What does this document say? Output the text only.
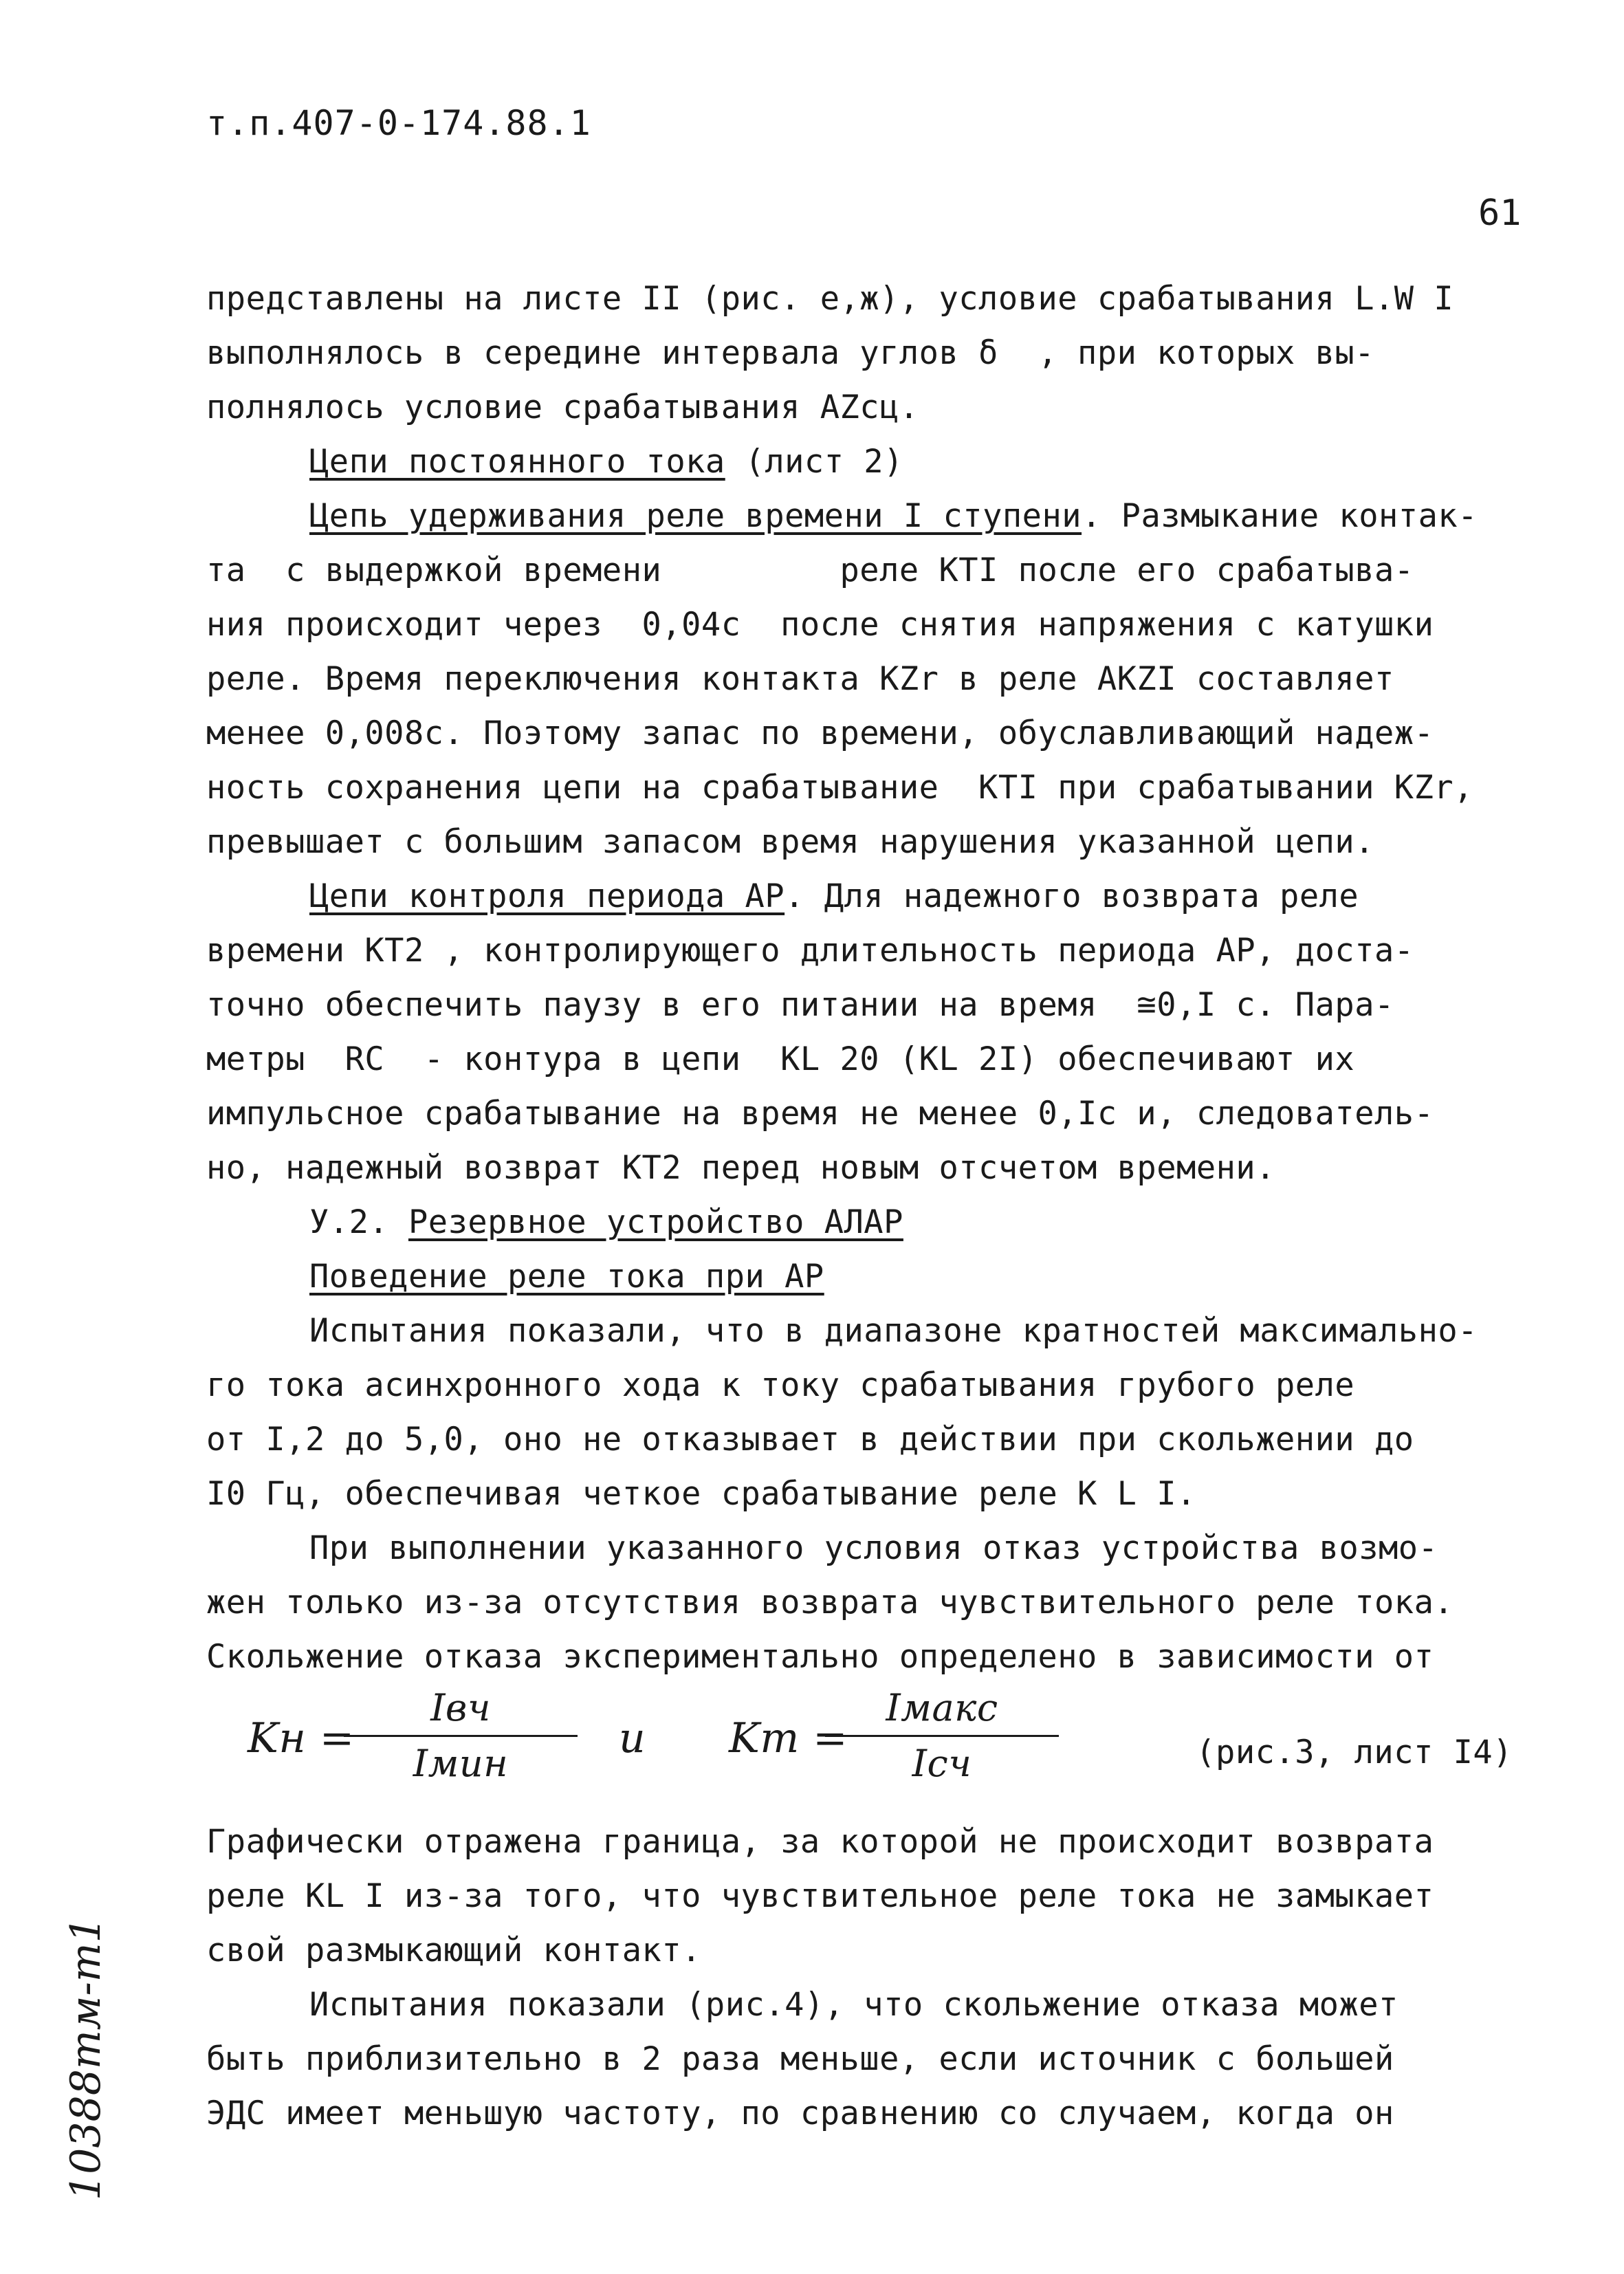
т.п.407-0-174.88.1
61
представлены на листе II (рис. е,ж), условие срабатывания L.W I
выполнялось в середине интервала углов δ  , при которых вы-
полнялось условие срабатывания AZсц.
Цепи постоянного тока (лист 2)
Цепь удерживания реле времени I ступени. Размыкание контак-
та  с выдержкой времени         реле КТI после его срабатыва-
ния происходит через  0,04с  после снятия напряжения с катушки
реле. Время переключения контакта KZr в реле АКZI составляет
менее 0,008с. Поэтому запас по времени, обуславливающий надеж-
ность сохранения цепи на срабатывание  КТI при срабатывании KZr,
превышает с большим запасом время нарушения указанной цепи.
Цепи контроля периода АР. Для надежного возврата реле
времени КТ2 , контролирующего длительность периода АР, доста-
точно обеспечить паузу в его питании на время  ≅0,I с. Пара-
метры  RC  - контура в цепи  KL 20 (KL 2I) обеспечивают их
импульсное срабатывание на время не менее 0,Iс и, следователь-
но, надежный возврат КТ2 перед новым отсчетом времени.
У.2. Резервное устройство АЛАР
Поведение реле тока при АР
Испытания показали, что в диапазоне кратностей максимально-
го тока асинхронного хода к току срабатывания грубого реле
от I,2 до 5,0, оно не отказывает в действии при скольжении до
I0 Гц, обеспечивая четкое срабатывание реле K L I.
При выполнении указанного условия отказ устройства возмо-
жен только из-за отсутствия возврата чувствительного реле тока.
Скольжение отказа экспериментально определено в зависимости от
Kн =
Iвч
Iмин
и Kт =
Iмакс
Iсч	(рис.3, лист I4)
Графически отражена граница, за которой не происходит возврата
реле KL I из-за того, что чувствительное реле тока не замыкает
свой размыкающий контакт.
Испытания показали (рис.4), что скольжение отказа может
быть приблизительно в 2 раза меньше, если источник с большей
ЭДС имеет меньшую частоту, по сравнению со случаем, когда он
10388тм-т1
